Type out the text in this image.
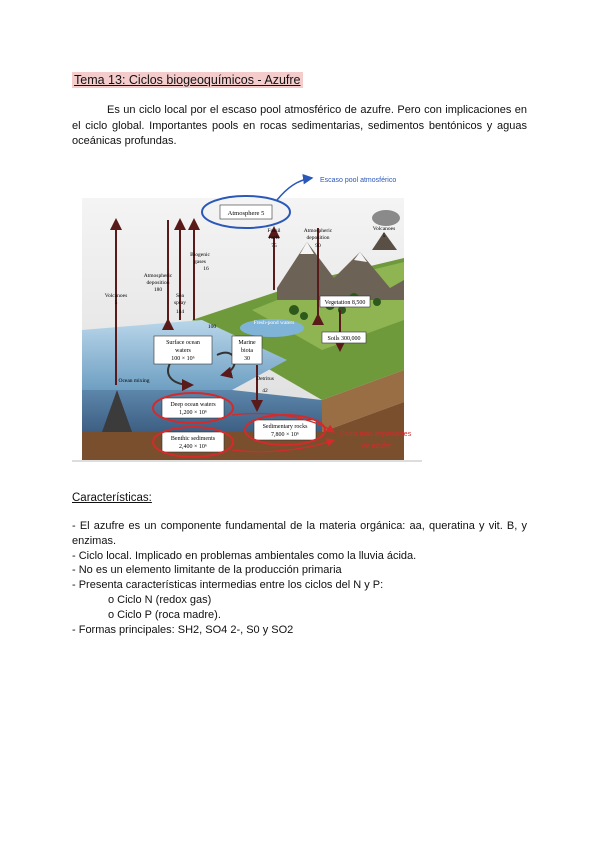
Tema 13: Ciclos biogeoquímicos - Azufre

Es un ciclo local por el escaso pool atmosférico de azufre. Pero con implicaciones en el ciclo global. Importantes pools en rocas sedimentarias, sedimentos bentónicos y aguas oceánicas profundas.

Surface ocean
waters
100 × 10⁶
Marine
biota
30
Vegetation 8,500
Soils 300,000
Deep ocean waters
1,200 × 10⁶
Benthic sediments
2,400 × 10⁶
Sedimentary rocks
7,800 × 10⁶
Atmosphere 5
Volcanoes
5
Atmospheric
deposition
180
Sea
spray
144
Biogenic
gases
16
Fossil
fuels
75
Atmospheric
deposition
90
Volcanoes
5
100
Fresh-pond waters
Ocean mixing	Detritus
42
Escaso pool atmosférico
Pools más importantes
de azufre
Características:
- El azufre es un componente fundamental de la materia orgánica: aa, queratina y vit. B, y enzimas.
- Ciclo local. Implicado en problemas ambientales como la lluvia ácida.
- No es un elemento limitante de la producción primaria
- Presenta características intermedias entre los ciclos del N y P:
o Ciclo N (redox gas)
o Ciclo P (roca madre).
- Formas principales: SH2, SO4 2-, S0 y SO2
